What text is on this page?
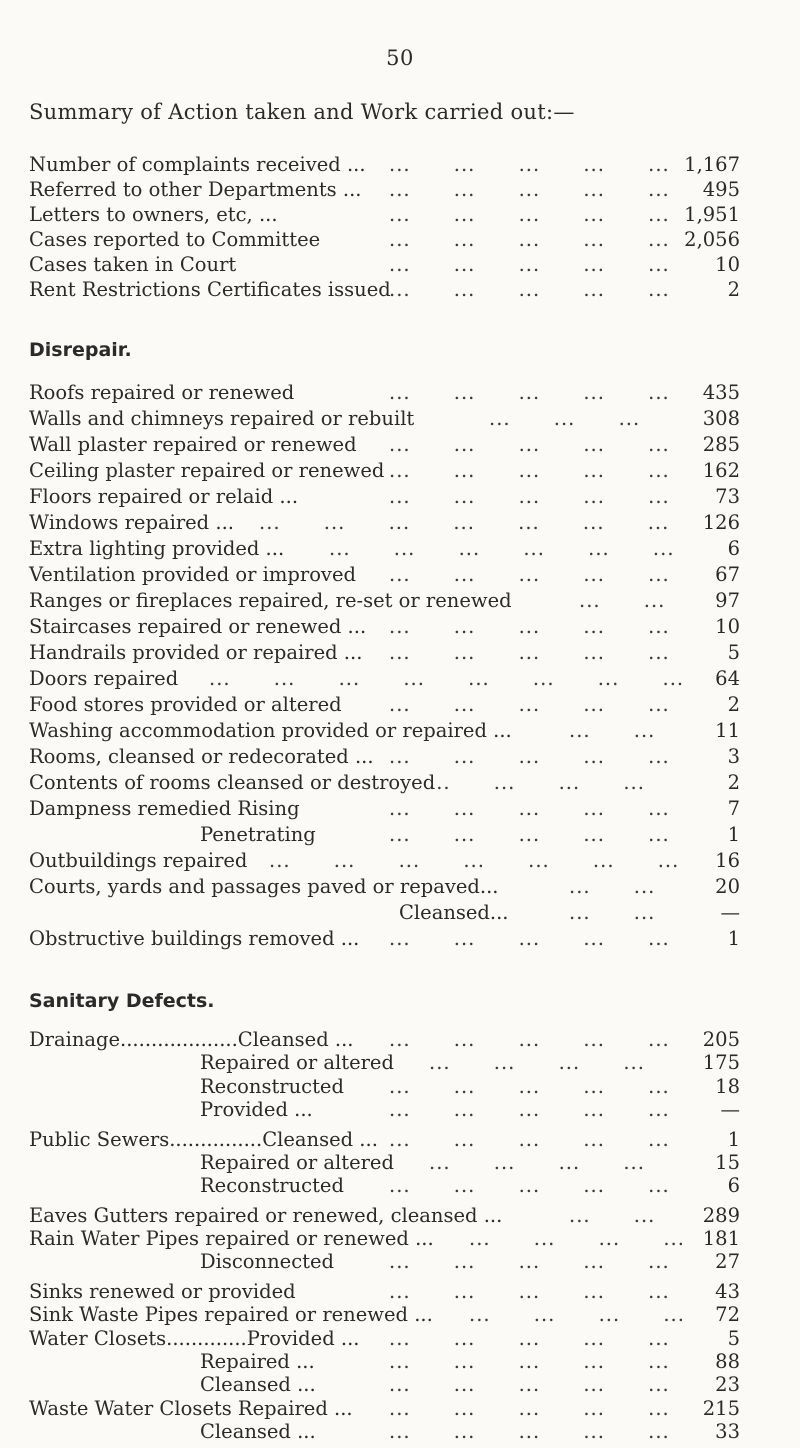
50
Summary of Action taken and Work carried out:—
Number of complaints received ... ...	1,167
Referred to other Departments ... ...	495
Letters to owners, etc, ... ...	1,951
Cases reported to Committee ...	2,056
Cases taken in Court ...	10
Rent Restrictions Certificates issued ...	2
Disrepair.
Roofs repaired or renewed ...	435
Walls and chimneys repaired or rebuilt ...	308
Wall plaster repaired or renewed ...	285
Ceiling plaster repaired or renewed ...	162
Floors repaired or relaid ... ...	73
Windows repaired ... ...	126
Extra lighting provided ... ...	6
Ventilation provided or improved ...	67
Ranges or fireplaces repaired, re-set or renewed ...	97
Staircases repaired or renewed ... ...	10
Handrails provided or repaired ... ...	5
Doors repaired ...	64
Food stores provided or altered ...	2
Washing accommodation provided or repaired ... ...	11
Rooms, cleansed or redecorated ... ...	3
Contents of rooms cleansed or destroyed ...	2
Dampness remedied Rising ...	7
Penetrating ...	1
Outbuildings repaired ...	16
Courts, yards and passages paved or repaved... ...	20
Cleansed... ...	—
Obstructive buildings removed ... ...	1
Sanitary Defects.
Drainage...................Cleansed ... ...	205
Repaired or altered ...	175
Reconstructed ...	18
Provided ... ...	—
Public Sewers...............Cleansed ... ...	1
Repaired or altered ...	15
Reconstructed ...	6
Eaves Gutters repaired or renewed, cleansed ... ...	289
Rain Water Pipes repaired or renewed ... ...	181
Disconnected ...	27
Sinks renewed or provided ...	43
Sink Waste Pipes repaired or renewed ... ...	72
Water Closets.............Provided ... ...	5
Repaired ... ...	88
Cleansed ... ...	23
Waste Water Closets Repaired ... ...	215
Cleansed ... ...	33
